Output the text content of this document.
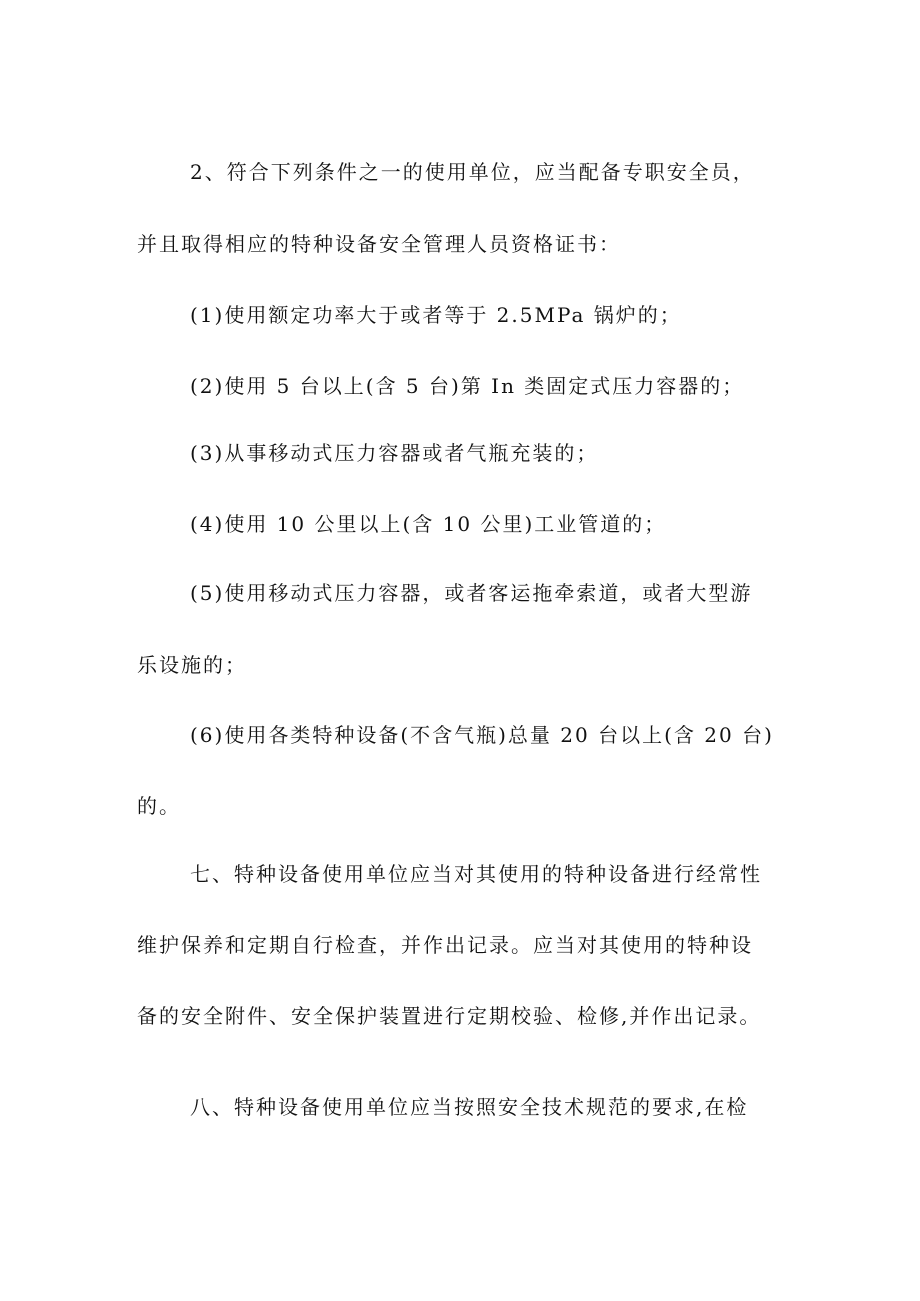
2、符合下列条件之一的使用单位，应当配备专职安全员，
并且取得相应的特种设备安全管理人员资格证书：
(1)使用额定功率大于或者等于 2.5MPa 锅炉的；
(2)使用 5 台以上(含 5 台)第 In 类固定式压力容器的；
(3)从事移动式压力容器或者气瓶充装的；
(4)使用 10 公里以上(含 10 公里)工业管道的；
(5)使用移动式压力容器，或者客运拖牵索道，或者大型游
乐设施的；
(6)使用各类特种设备(不含气瓶)总量 20 台以上(含 20 台)
的。
七、特种设备使用单位应当对其使用的特种设备进行经常性
维护保养和定期自行检查，并作出记录。应当对其使用的特种设
备的安全附件、安全保护装置进行定期校验、检修,并作出记录。
八、特种设备使用单位应当按照安全技术规范的要求,在检
